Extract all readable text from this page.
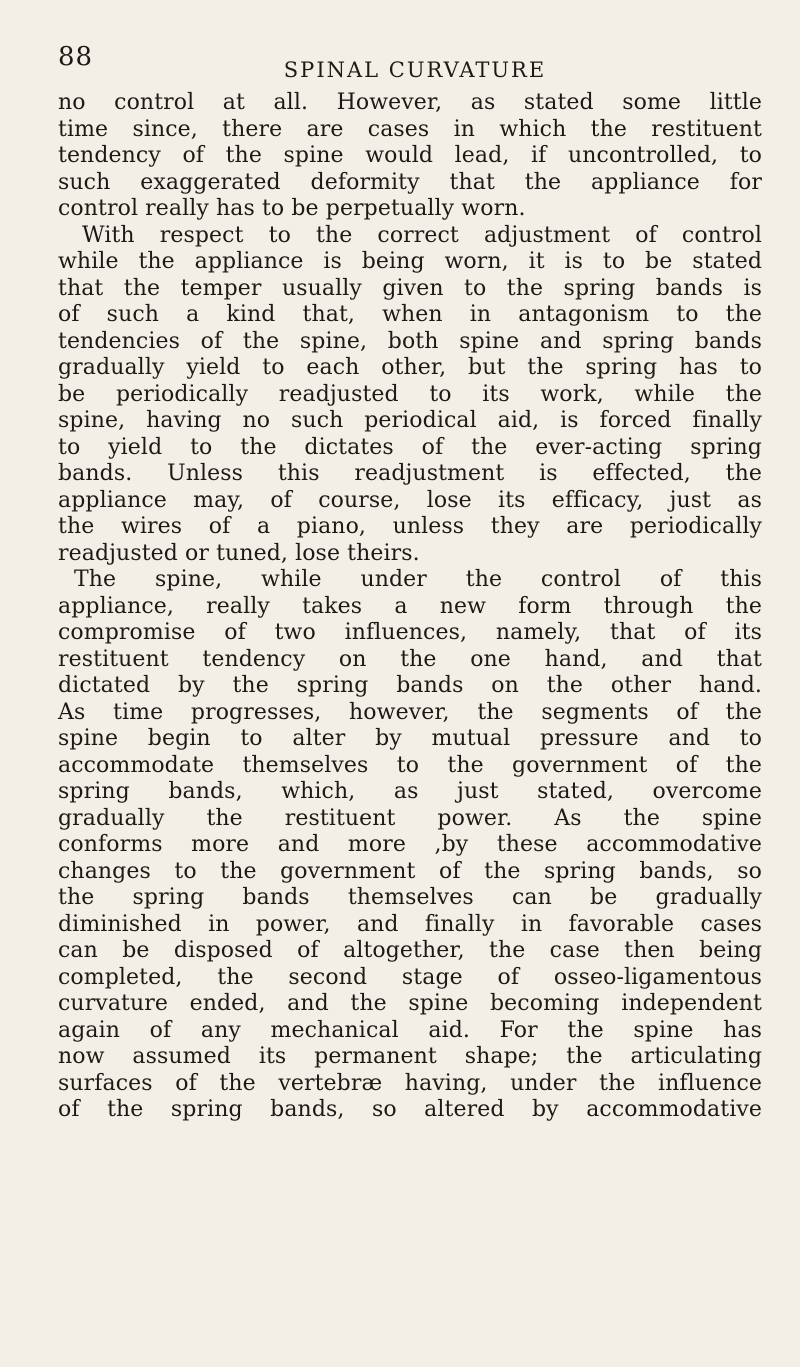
88	SPINAL CURVATURE
no control at all. However, as stated some little
time since, there are cases in which the restituent
tendency of the spine would lead, if uncontrolled, to
such exaggerated deformity that the appliance for
control really has to be perpetually worn.
With respect to the correct adjustment of control
while the appliance is being worn, it is to be stated
that the temper usually given to the spring bands is
of such a kind that, when in antagonism to the
tendencies of the spine, both spine and spring bands
gradually yield to each other, but the spring has to
be periodically readjusted to its work, while the
spine, having no such periodical aid, is forced finally
to yield to the dictates of the ever-acting spring
bands. Unless this readjustment is effected, the
appliance may, of course, lose its efficacy, just as
the wires of a piano, unless they are periodically
readjusted or tuned, lose theirs.
The spine, while under the control of this
appliance, really takes a new form through the
compromise of two influences, namely, that of its
restituent tendency on the one hand, and that
dictated by the spring bands on the other hand.
As time progresses, however, the segments of the
spine begin to alter by mutual pressure and to
accommodate themselves to the government of the
spring bands, which, as just stated, overcome
gradually the restituent power. As the spine
conforms more and more ,by these accommodative
changes to the government of the spring bands, so
the spring bands themselves can be gradually
diminished in power, and finally in favorable cases
can be disposed of altogether, the case then being
completed, the second stage of osseo-ligamentous
curvature ended, and the spine becoming independent
again of any mechanical aid. For the spine has
now assumed its permanent shape; the articulating
surfaces of the vertebræ having, under the influence
of the spring bands, so altered by accommodative
